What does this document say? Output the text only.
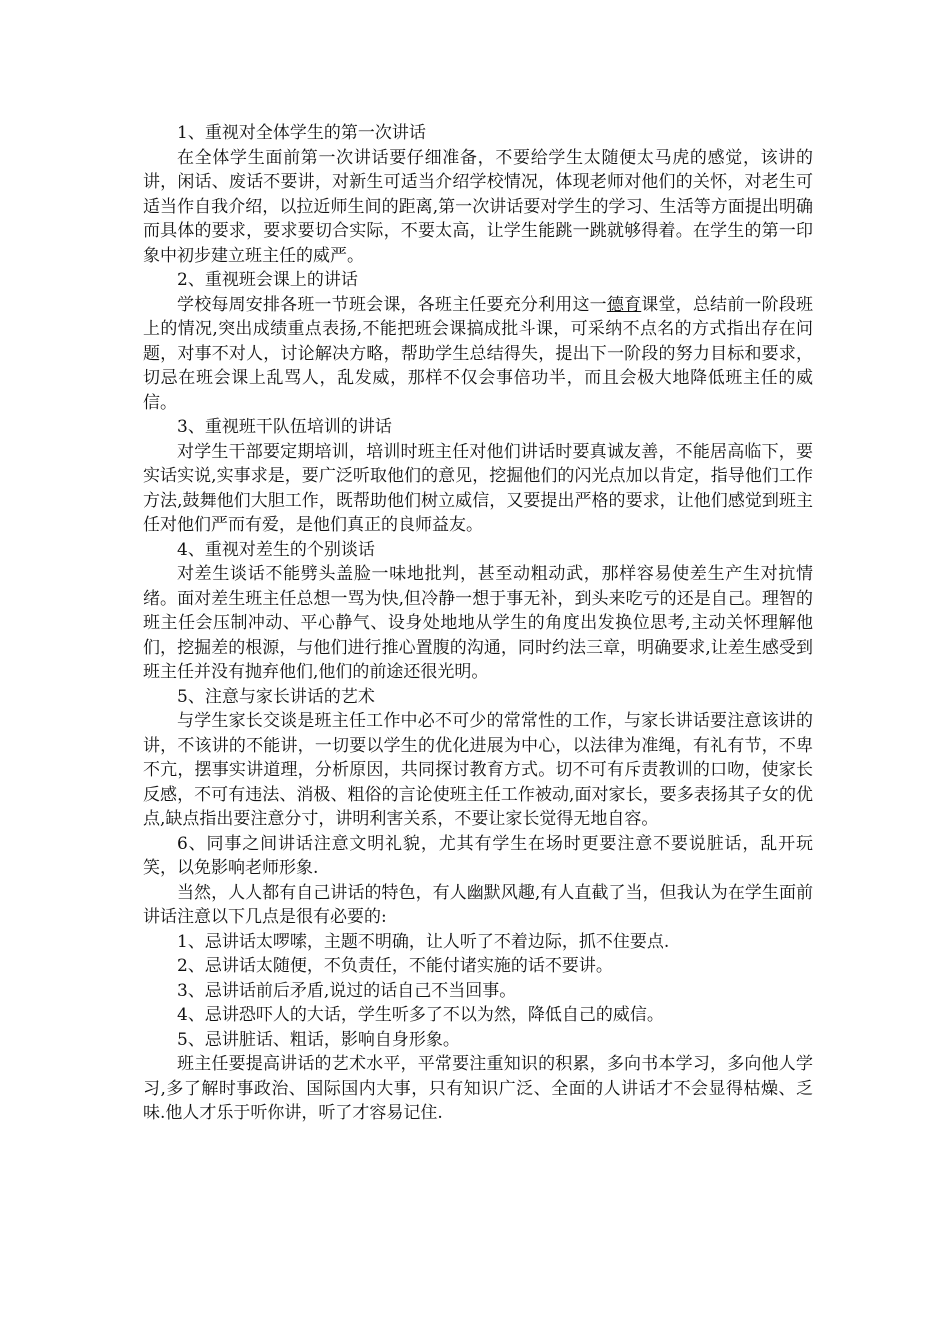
1、重视对全体学生的第一次讲话

在全体学生面前第一次讲话要仔细准备，不要给学生太随便太马虎的感觉，该讲的讲，闲话、废话不要讲，对新生可适当介绍学校情况，体现老师对他们的关怀，对老生可适当作自我介绍，以拉近师生间的距离,第一次讲话要对学生的学习、生活等方面提出明确而具体的要求，要求要切合实际，不要太高，让学生能跳一跳就够得着。在学生的第一印象中初步建立班主任的威严。

2、重视班会课上的讲话

学校每周安排各班一节班会课，各班主任要充分利用这一德育课堂，总结前一阶段班上的情况,突出成绩重点表扬,不能把班会课搞成批斗课，可采纳不点名的方式指出存在问题，对事不对人，讨论解决方略，帮助学生总结得失，提出下一阶段的努力目标和要求，切忌在班会课上乱骂人，乱发威，那样不仅会事倍功半，而且会极大地降低班主任的威信。

3、重视班干队伍培训的讲话

对学生干部要定期培训，培训时班主任对他们讲话时要真诚友善，不能居高临下，要实话实说,实事求是，要广泛听取他们的意见，挖掘他们的闪光点加以肯定，指导他们工作方法,鼓舞他们大胆工作，既帮助他们树立威信，又要提出严格的要求，让他们感觉到班主任对他们严而有爱，是他们真正的良师益友。

4、重视对差生的个别谈话

对差生谈话不能劈头盖脸一味地批判，甚至动粗动武，那样容易使差生产生对抗情绪。面对差生班主任总想一骂为快,但冷静一想于事无补，到头来吃亏的还是自己。理智的班主任会压制冲动、平心静气、设身处地地从学生的角度出发换位思考,主动关怀理解他们，挖掘差的根源，与他们进行推心置腹的沟通，同时约法三章，明确要求,让差生感受到班主任并没有抛弃他们,他们的前途还很光明。

5、注意与家长讲话的艺术

与学生家长交谈是班主任工作中必不可少的常常性的工作，与家长讲话要注意该讲的讲，不该讲的不能讲，一切要以学生的优化进展为中心，以法律为准绳，有礼有节，不卑不亢，摆事实讲道理，分析原因，共同探讨教育方式。切不可有斥责教训的口吻，使家长反感，不可有违法、消极、粗俗的言论使班主任工作被动,面对家长，要多表扬其子女的优点,缺点指出要注意分寸，讲明利害关系，不要让家长觉得无地自容。

6、同事之间讲话注意文明礼貌，尤其有学生在场时更要注意不要说脏话，乱开玩笑，以免影响老师形象.

当然，人人都有自己讲话的特色，有人幽默风趣,有人直截了当，但我认为在学生面前讲话注意以下几点是很有必要的:

1、忌讲话太啰嗦，主题不明确，让人听了不着边际，抓不住要点.

2、忌讲话太随便，不负责任，不能付诸实施的话不要讲。

3、忌讲话前后矛盾,说过的话自己不当回事。

4、忌讲恐吓人的大话，学生听多了不以为然，降低自己的威信。

5、忌讲脏话、粗话，影响自身形象。

班主任要提高讲话的艺术水平，平常要注重知识的积累，多向书本学习，多向他人学习,多了解时事政治、国际国内大事，只有知识广泛、全面的人讲话才不会显得枯燥、乏味.他人才乐于听你讲，听了才容易记住.
